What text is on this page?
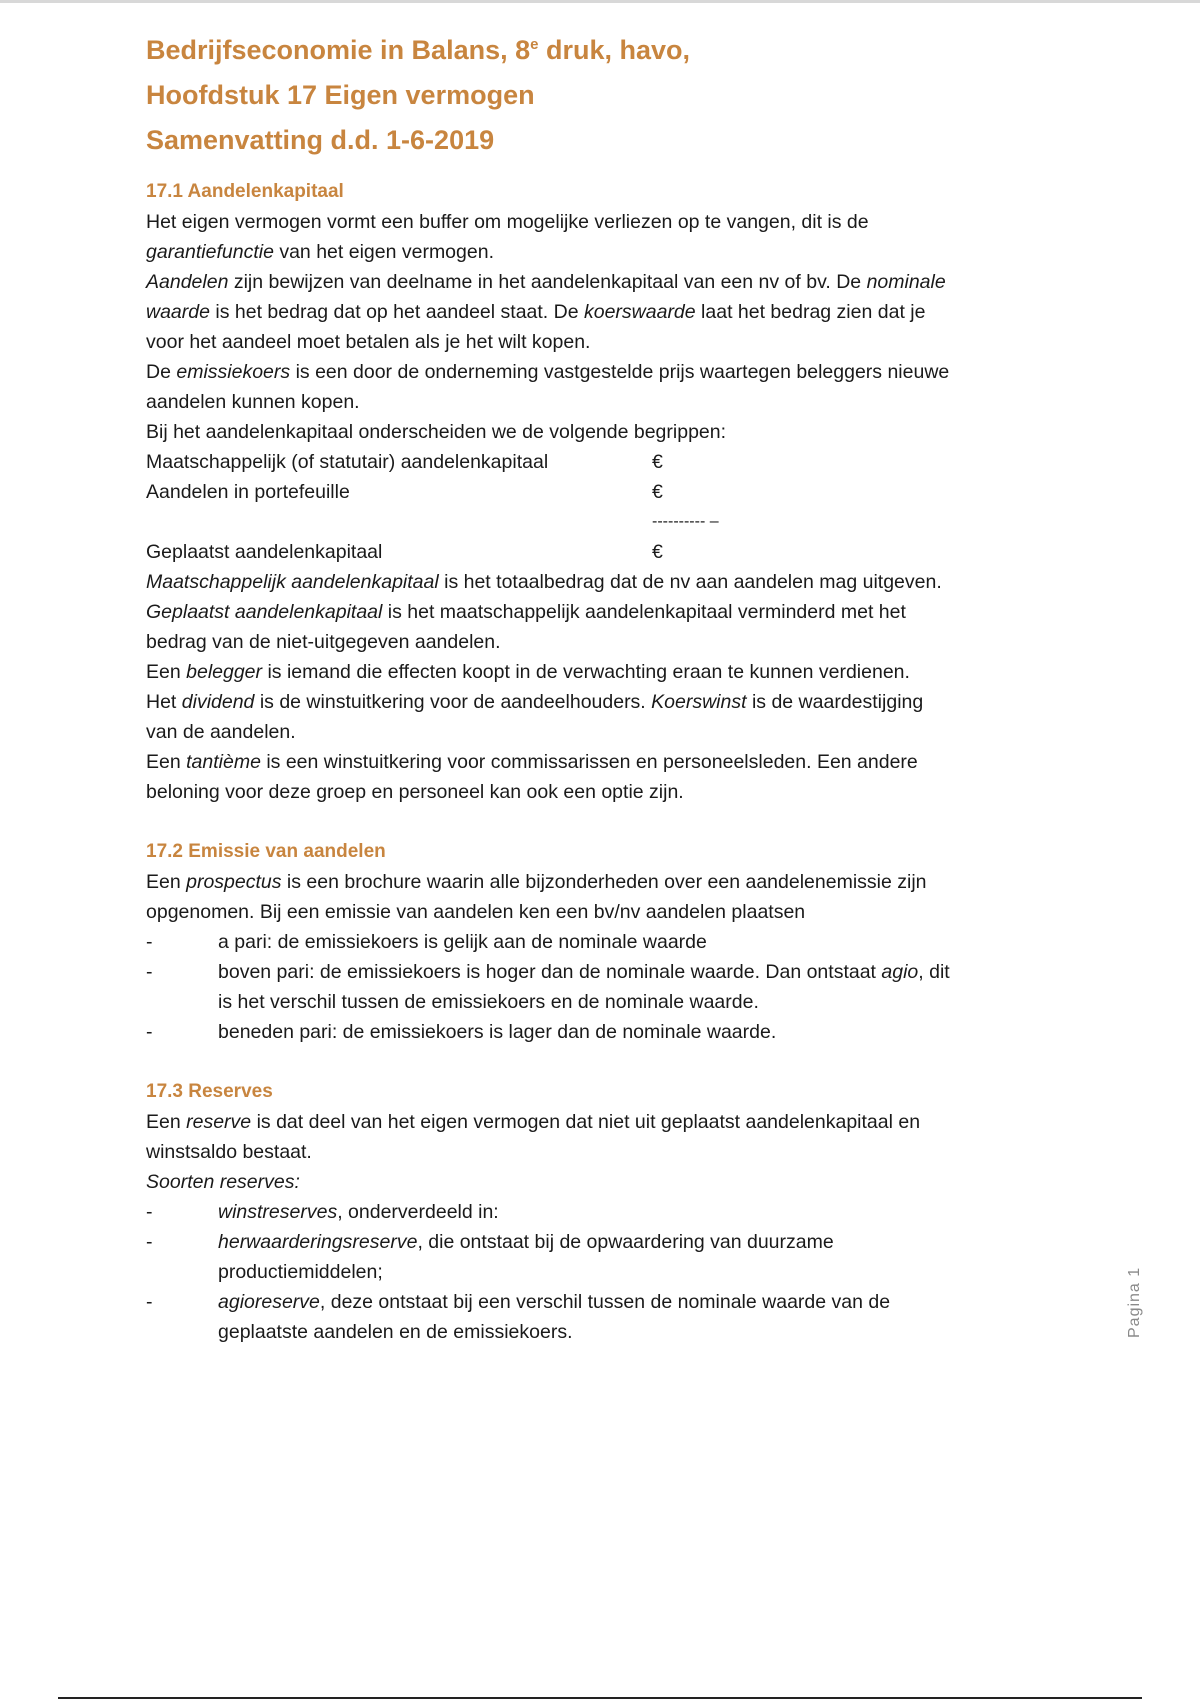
Bedrijfseconomie in Balans, 8e druk, havo,

Hoofdstuk 17 Eigen vermogen

Samenvatting d.d. 1-6-2019

17.1 Aandelenkapitaal

Het eigen vermogen vormt een buffer om mogelijke verliezen op te vangen, dit is de
garantiefunctie van het eigen vermogen.

Aandelen zijn bewijzen van deelname in het aandelenkapitaal van een nv of bv. De nominale
waarde is het bedrag dat op het aandeel staat. De koerswaarde laat het bedrag zien dat je
voor het aandeel moet betalen als je het wilt kopen.

De emissiekoers is een door de onderneming vastgestelde prijs waartegen beleggers nieuwe
aandelen kunnen kopen.

Bij het aandelenkapitaal onderscheiden we de volgende begrippen:

Maatschappelijk (of statutair) aandelenkapitaal	€
Aandelen in portefeuille	€
---------- –
Geplaatst aandelenkapitaal	€

Maatschappelijk aandelenkapitaal is het totaalbedrag dat de nv aan aandelen mag uitgeven.

Geplaatst aandelenkapitaal is het maatschappelijk aandelenkapitaal verminderd met het
bedrag van de niet-uitgegeven aandelen.

Een belegger is iemand die effecten koopt in de verwachting eraan te kunnen verdienen.

Het dividend is de winstuitkering voor de aandeelhouders. Koerswinst is de waardestijging
van de aandelen.

Een tantième is een winstuitkering voor commissarissen en personeelsleden. Een andere
beloning voor deze groep en personeel kan ook een optie zijn.

17.2 Emissie van aandelen

Een prospectus is een brochure waarin alle bijzonderheden over een aandelenemissie zijn
opgenomen. Bij een emissie van aandelen ken een bv/nv aandelen plaatsen

-	a pari: de emissiekoers is gelijk aan de nominale waarde
-	boven pari: de emissiekoers is hoger dan de nominale waarde. Dan ontstaat agio, dit
is het verschil tussen de emissiekoers en de nominale waarde.
-	beneden pari: de emissiekoers is lager dan de nominale waarde.
17.3 Reserves

Een reserve is dat deel van het eigen vermogen dat niet uit geplaatst aandelenkapitaal en
winstsaldo bestaat.

Soorten reserves:

-	winstreserves, onderverdeeld in:
-	herwaarderingsreserve, die ontstaat bij de opwaardering van duurzame
productiemiddelen;
-	agioreserve, deze ontstaat bij een verschil tussen de nominale waarde van de
geplaatste aandelen en de emissiekoers.	Pagina 1
